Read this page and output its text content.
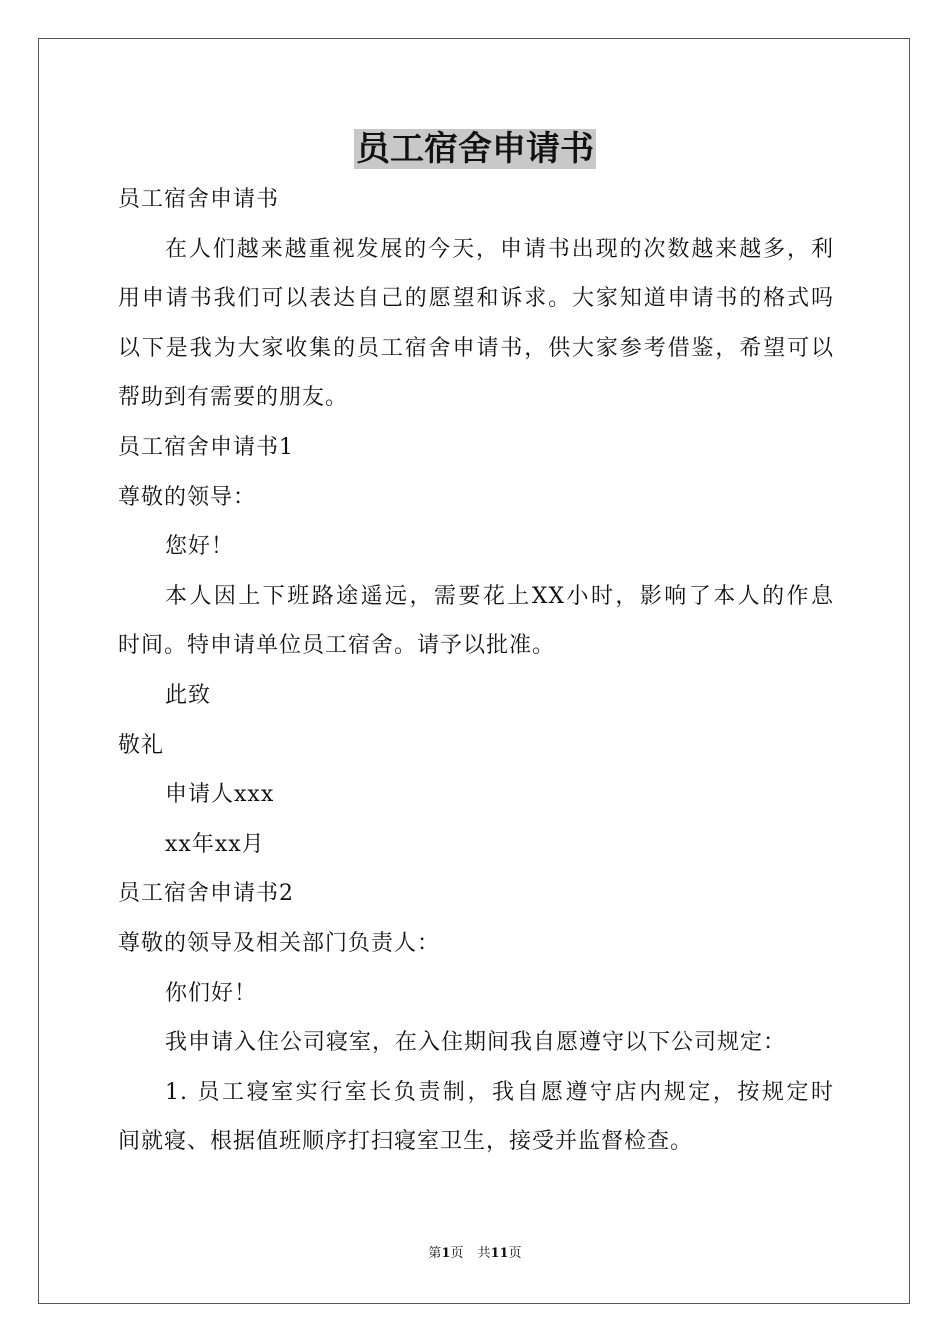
员工宿舍申请书
员工宿舍申请书
在人们越来越重视发展的今天，申请书出现的次数越来越多，利
用申请书我们可以表达自己的愿望和诉求。大家知道申请书的格式吗
以下是我为大家收集的员工宿舍申请书，供大家参考借鉴，希望可以
帮助到有需要的朋友。
员工宿舍申请书1
尊敬的领导：
您好！
本人因上下班路途遥远，需要花上XX小时，影响了本人的作息
时间。特申请单位员工宿舍。请予以批准。
此致
敬礼
申请人xxx
xx年xx月
员工宿舍申请书2
尊敬的领导及相关部门负责人：
你们好！
我申请入住公司寝室，在入住期间我自愿遵守以下公司规定：
1. 员工寝室实行室长负责制，我自愿遵守店内规定，按规定时
间就寝、根据值班顺序打扫寝室卫生，接受并监督检查。
第1页 共11页
